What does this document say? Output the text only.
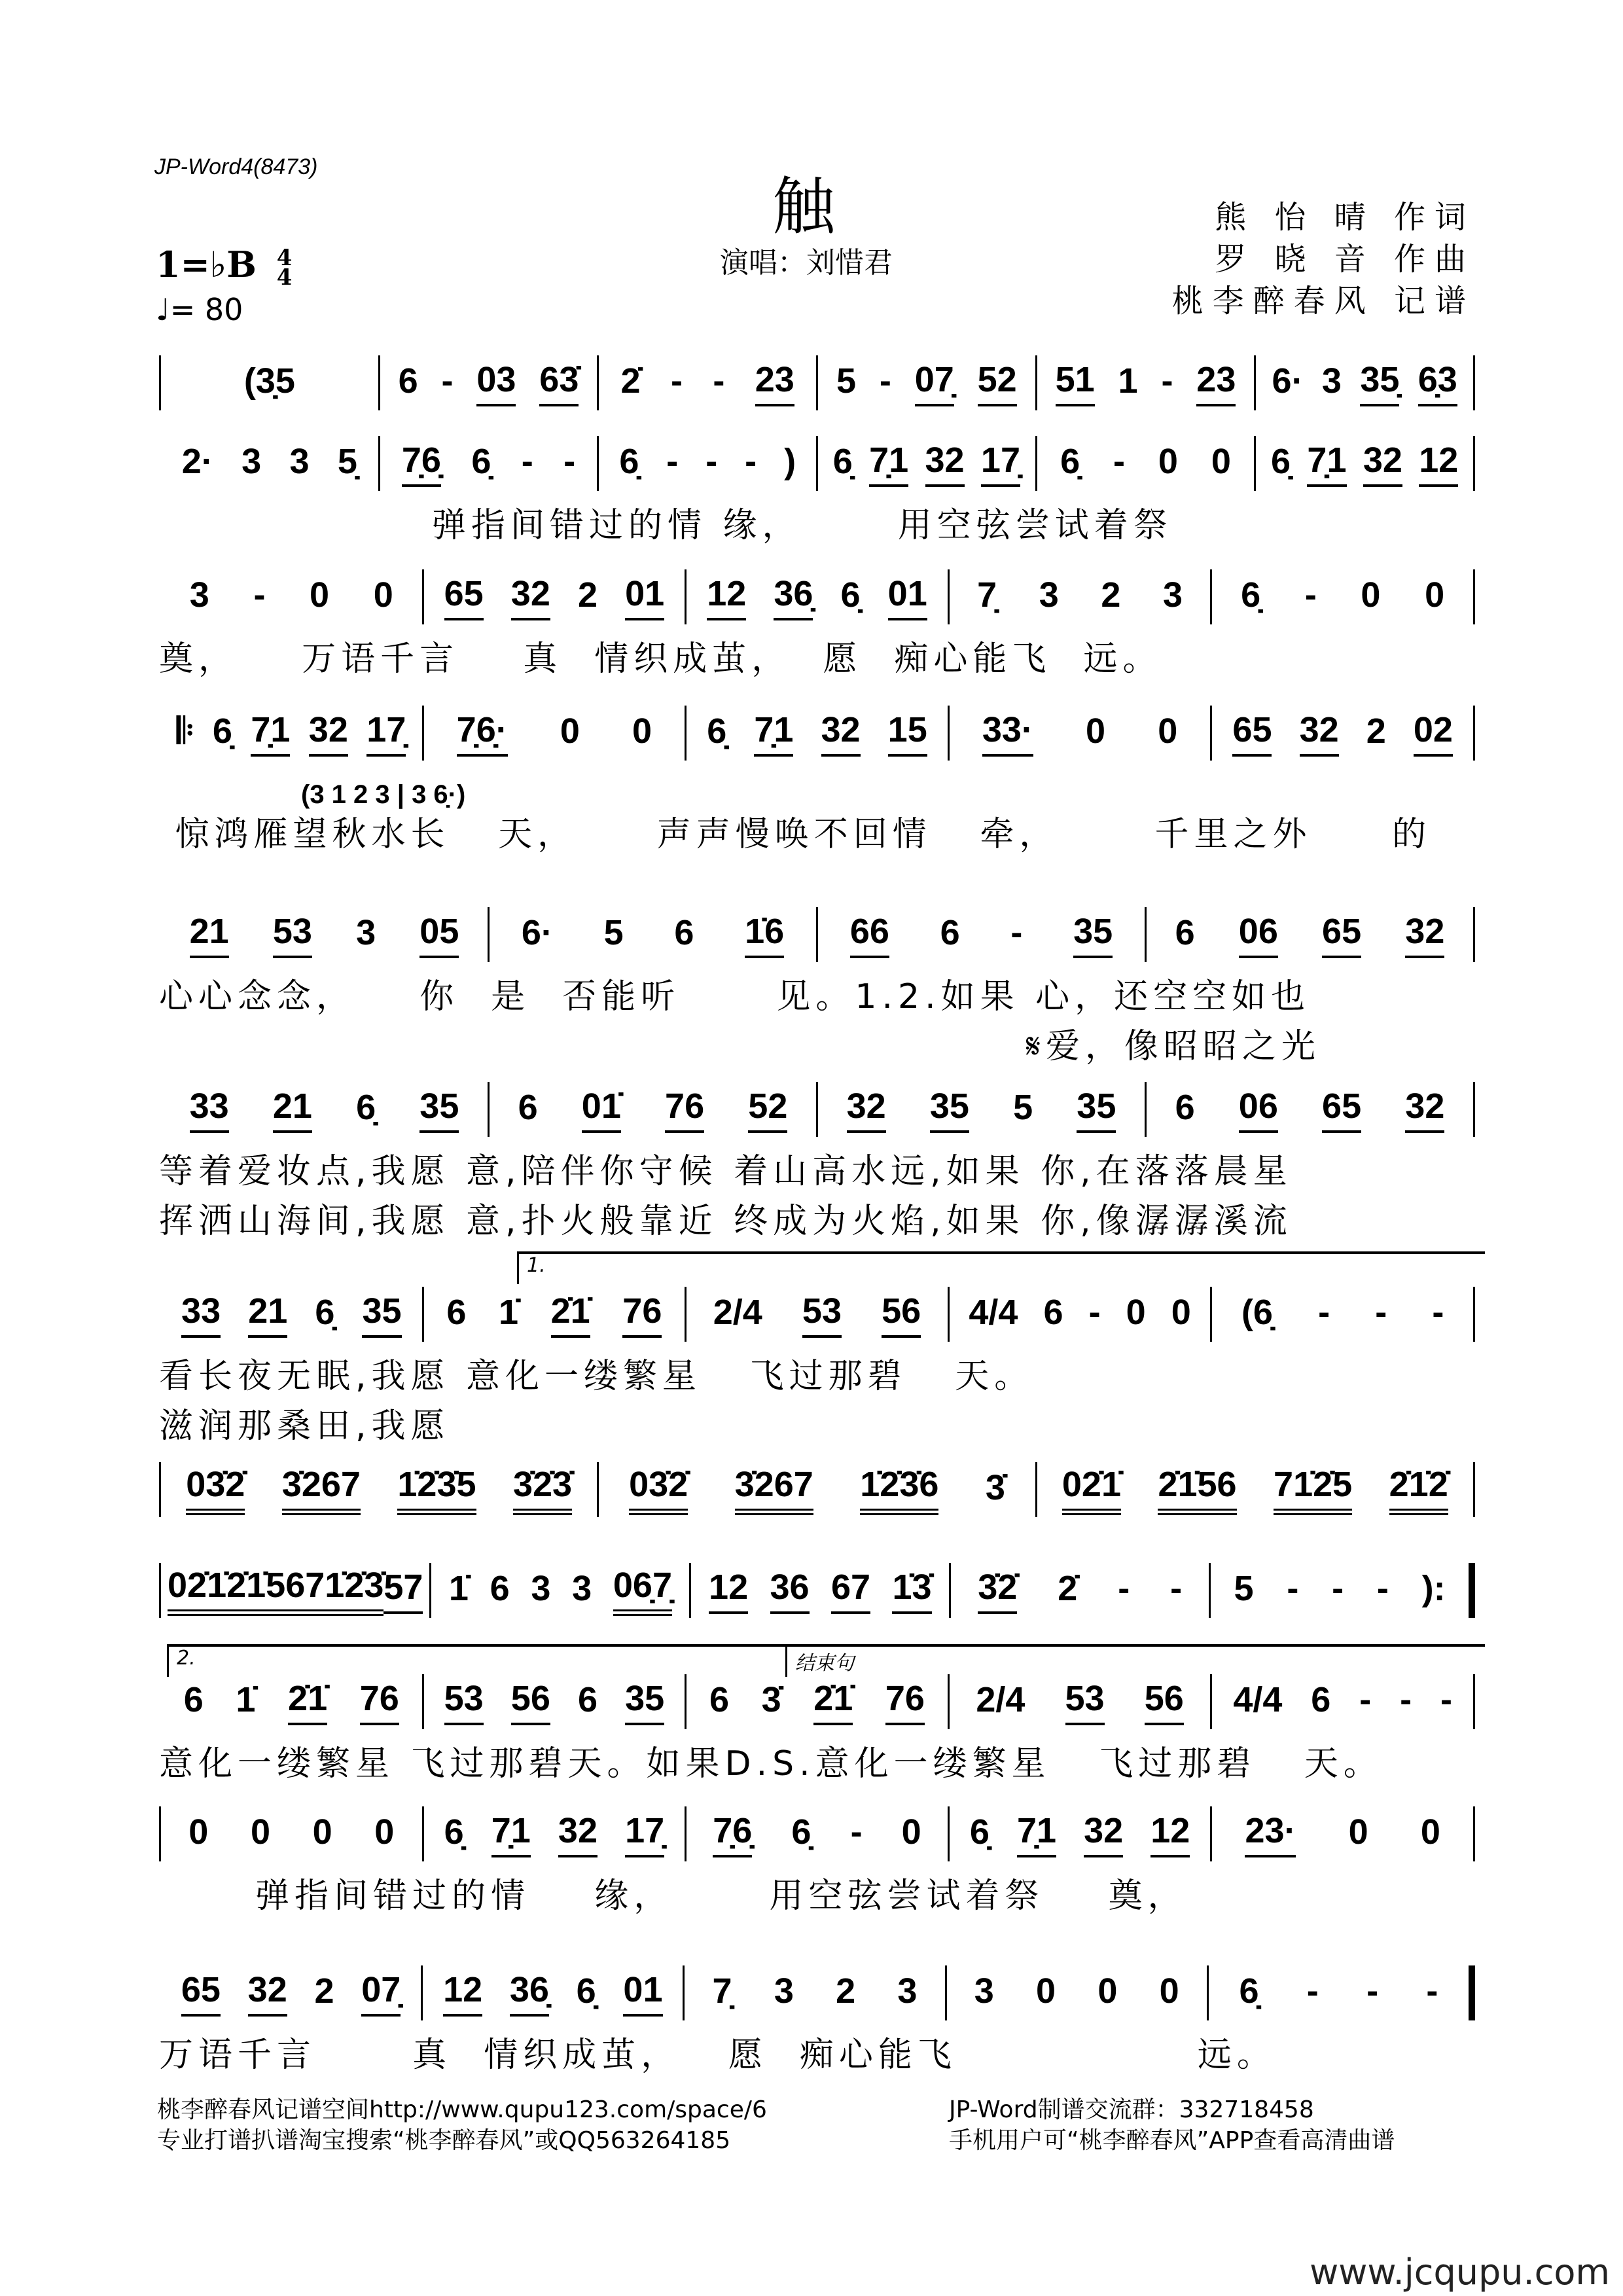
JP-Word4(8473)
触
演唱：刘惜君
熊 怡 晴 作词
罗 晓 音 作曲
桃李醉春风 记谱
1=♭B 4
4
♩= 80
(3̣5	6 - 03 63̇ 2̇ - - 23 5 - 07̣ 52 51 1 - 23 6· 3 35̣ 6̣3
2· 3 3 5̣ 7̣6̣ 6̣ - - 6̣ - - - ) 6̣ 7̣1 32 17̣ 6̣ - 0 0 6̣ 7̣1 32 12
弹指间错过的情 缘，      用空弦尝试着祭
3 - 0 0 65 32 2 01 12 36̣ 6̣ 01 7̣ 3 2 3 6̣ - 0 0
奠，    万语千言    真  情织成茧，  愿  痴心能飞  远。
𝄆 6̣ 7̣1 32 17̣ 7̣6̣· 0 0 6̣ 7̣1 32 15 33· 0 0 65 32 2 02
惊鸿雁望秋水长   天，     声声慢唤不回情   牵，      千里之外     的
21 53 3 05 6· 5 6 1̇6 66 6 - 35 6 06 65 32
心心念念，    你  是  否能听      见。1.2.如果 心，还空空如也
𝄋爱，像昭昭之光
33 21 6̣ 35 6 01̇ 76 52 32 35 5 35 6 06 65 32
等着爱妆点,我愿 意,陪伴你守候 着山高水远,如果 你,在落落晨星
挥洒山海间,我愿 意,扑火般靠近 终成为火焰,如果 你,像潺潺溪流
33 21 6̣ 35 6 1̇ 2̇1̇ 76 2/4 53 56 4/4 6 - 0 0 (6̣ - - -
看长夜无眠,我愿 意化一缕繁星   飞过那碧   天。
滋润那桑田,我愿
03̇2̇ 3̇267 1̇2̇3̇5 3̇2̇3̇ 03̇2̇ 3̇267 1̇2̇3̇6 3̇ 02̇1̇ 2̇1̇56 71̇2̇5 2̇1̇2̇
02̇1̇ 2̇1̇56 71̇2̇3̇ 57 1̇ 6 3 3 06̣7̣ 12 36 67 1̇3̇ 3̇2̇ 2̇ - - 5 - - - ):
6 1̇ 2̇1̇ 76 53 56 6 35 6 3̇ 2̇1̇ 76 2/4 53 56 4/4 6 - - -
意化一缕繁星 飞过那碧天。如果D.S.意化一缕繁星   飞过那碧   天。
0 0 0 0 6̣ 7̣1 32 17̣ 7̣6̣ 6̣ - 0 6̣ 7̣1 32 12 23· 0 0
弹指间错过的情    缘，      用空弦尝试着祭    奠，
65 32 2 07̣ 12 36̣ 6̣ 01 7̣ 3 2 3 3 0 0 0 6̣ - - -
万语千言      真  情织成茧，   愿  痴心能飞               远。
(3 1 2 3 | 3 6̣·)
1.
2.	结束句
桃李醉春风记谱空间http://www.qupu123.com/space/6
专业打谱扒谱淘宝搜索“桃李醉春风”或QQ563264185
JP-Word制谱交流群：332718458
手机用户可“桃李醉春风”APP查看高清曲谱
www.jcqupu.com
